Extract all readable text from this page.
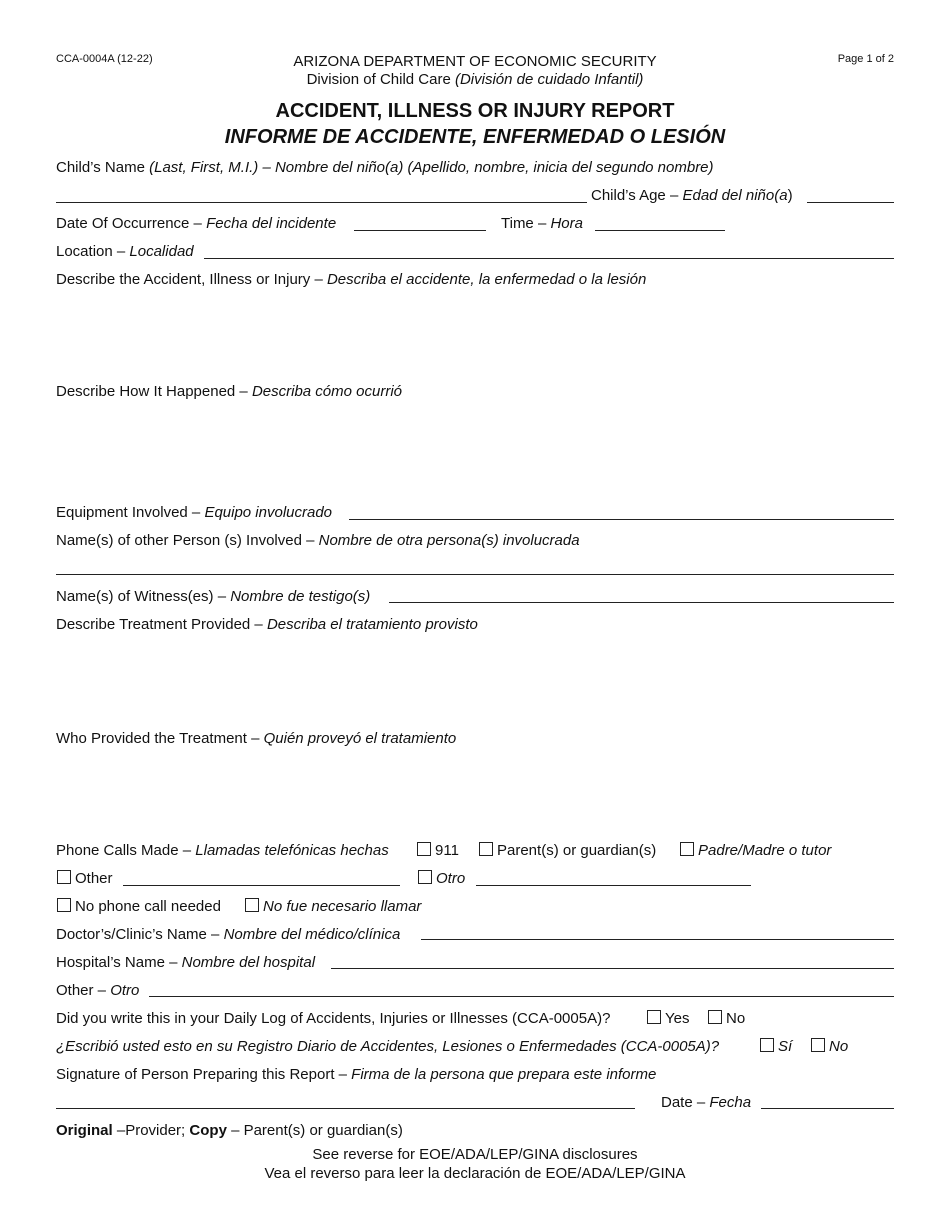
CCA-0004A (12-22)	Page 1 of 2
ARIZONA DEPARTMENT OF ECONOMIC SECURITY
Division of Child Care (División de cuidado Infantil)
ACCIDENT, ILLNESS OR INJURY REPORT
INFORME DE ACCIDENTE, ENFERMEDAD O LESIÓN
Child’s Name (Last, First, M.I.) – Nombre del niño(a) (Apellido, nombre, inicia del segundo nombre)
Child’s Age – Edad del niño(a)
Date Of Occurrence – Fecha del incidente	Time – Hora
Location – Localidad
Describe the Accident, Illness or Injury – Describa el accidente, la enfermedad o la lesión
Describe How It Happened – Describa cómo ocurrió
Equipment Involved – Equipo involucrado
Name(s) of other Person (s) Involved – Nombre de otra persona(s) involucrada
Name(s) of Witness(es) – Nombre de testigo(s)
Describe Treatment Provided – Describa el tratamiento provisto
Who Provided the Treatment – Quién proveyó el tratamiento
Phone Calls Made – Llamadas telefónicas hechas	911	Parent(s) or guardian(s)	Padre/Madre o tutor
Other	Otro
No phone call needed	No fue necesario llamar
Doctor’s/Clinic’s Name – Nombre del médico/clínica
Hospital’s Name – Nombre del hospital
Other – Otro
Did you write this in your Daily Log of Accidents, Injuries or Illnesses (CCA-0005A)?	Yes	No
¿Escribió usted esto en su Registro Diario de Accidentes, Lesiones o Enfermedades (CCA-0005A)?	Sí	No
Signature of Person Preparing this Report – Firma de la persona que prepara este informe
Date – Fecha
Original –Provider; Copy – Parent(s) or guardian(s)
See reverse for EOE/ADA/LEP/GINA disclosures
Vea el reverso para leer la declaración de EOE/ADA/LEP/GINA
